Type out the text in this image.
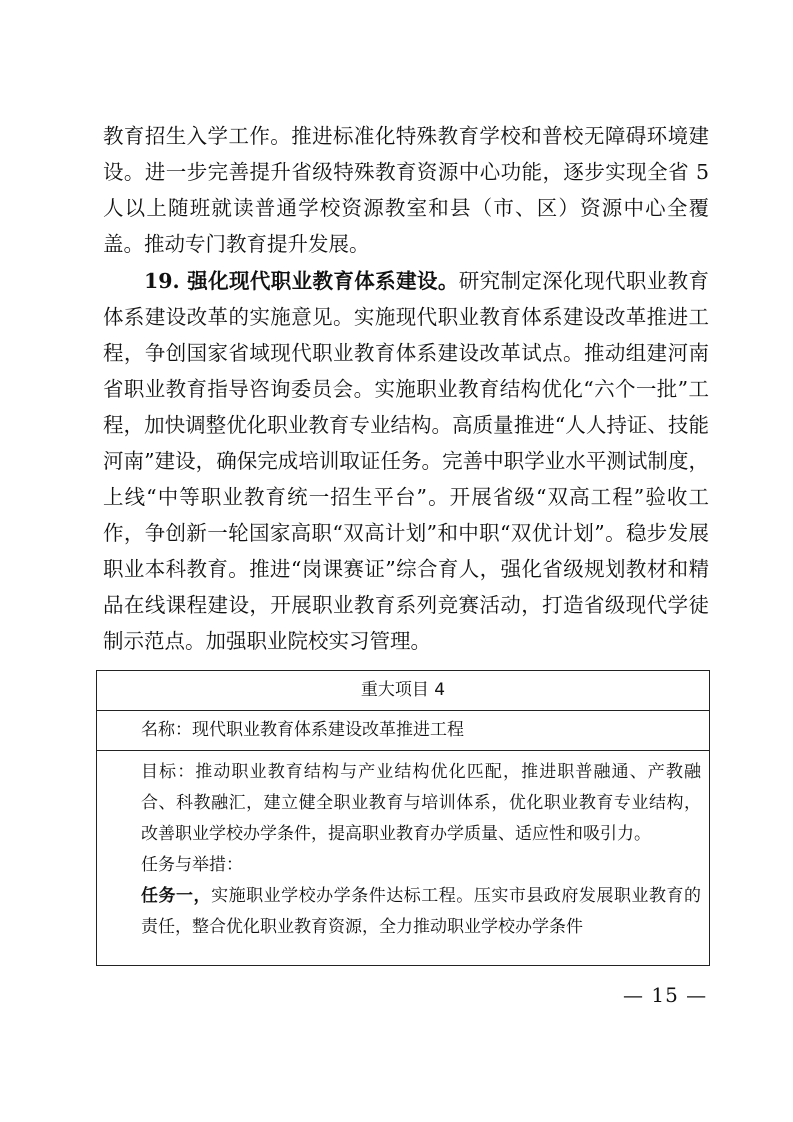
教育招生入学工作。推进标准化特殊教育学校和普校无障碍环境建设。进一步完善提升省级特殊教育资源中心功能，逐步实现全省 5 人以上随班就读普通学校资源教室和县（市、区）资源中心全覆盖。推动专门教育提升发展。

19. 强化现代职业教育体系建设。研究制定深化现代职业教育体系建设改革的实施意见。实施现代职业教育体系建设改革推进工程，争创国家省域现代职业教育体系建设改革试点。推动组建河南省职业教育指导咨询委员会。实施职业教育结构优化“六个一批”工程，加快调整优化职业教育专业结构。高质量推进“人人持证、技能河南”建设，确保完成培训取证任务。完善中职学业水平测试制度，上线“中等职业教育统一招生平台”。开展省级“双高工程”验收工作，争创新一轮国家高职“双高计划”和中职“双优计划”。稳步发展职业本科教育。推进“岗课赛证”综合育人，强化省级规划教材和精品在线课程建设，开展职业教育系列竞赛活动，打造省级现代学徒制示范点。加强职业院校实习管理。

重大项目 4
名称：现代职业教育体系建设改革推进工程

目标：推动职业教育结构与产业结构优化匹配，推进职普融通、产教融合、科教融汇，建立健全职业教育与培训体系，优化职业教育专业结构，改善职业学校办学条件，提高职业教育办学质量、适应性和吸引力。

任务与举措：

任务一，实施职业学校办学条件达标工程。压实市县政府发展职业教育的责任，整合优化职业教育资源，全力推动职业学校办学条件

— 15 —
